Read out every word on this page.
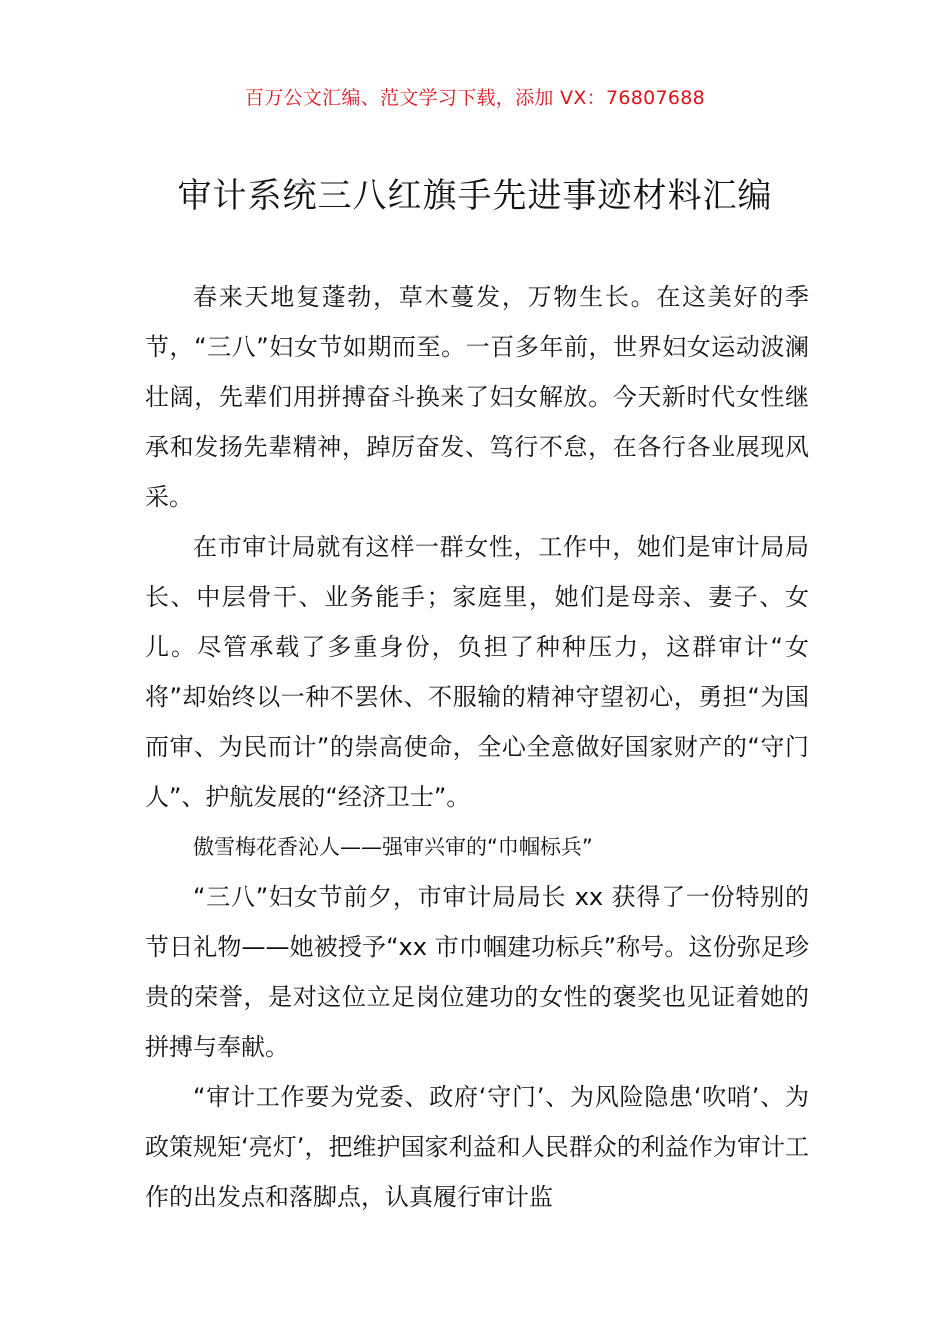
百万公文汇编、范文学习下载，添加 VX：76807688
审计系统三八红旗手先进事迹材料汇编

春来天地复蓬勃，草木蔓发，万物生长。在这美好的季节，“三八”妇女节如期而至。一百多年前，世界妇女运动波澜壮阔，先辈们用拼搏奋斗换来了妇女解放。今天新时代女性继承和发扬先辈精神，踔厉奋发、笃行不怠，在各行各业展现风采。

在市审计局就有这样一群女性，工作中，她们是审计局局长、中层骨干、业务能手；家庭里，她们是母亲、妻子、女儿。尽管承载了多重身份，负担了种种压力，这群审计“女将”却始终以一种不罢休、不服输的精神守望初心，勇担“为国而审、为民而计”的崇高使命，全心全意做好国家财产的“守门人”、护航发展的“经济卫士”。

傲雪梅花香沁人——强审兴审的“巾帼标兵”

“三八”妇女节前夕，市审计局局长 xx 获得了一份特别的节日礼物——她被授予“xx 市巾帼建功标兵”称号。这份弥足珍贵的荣誉，是对这位立足岗位建功的女性的褒奖也见证着她的拼搏与奉献。

“审计工作要为党委、政府‘守门’、为风险隐患‘吹哨’、为政策规矩‘亮灯’，把维护国家利益和人民群众的利益作为审计工作的出发点和落脚点，认真履行审计监
